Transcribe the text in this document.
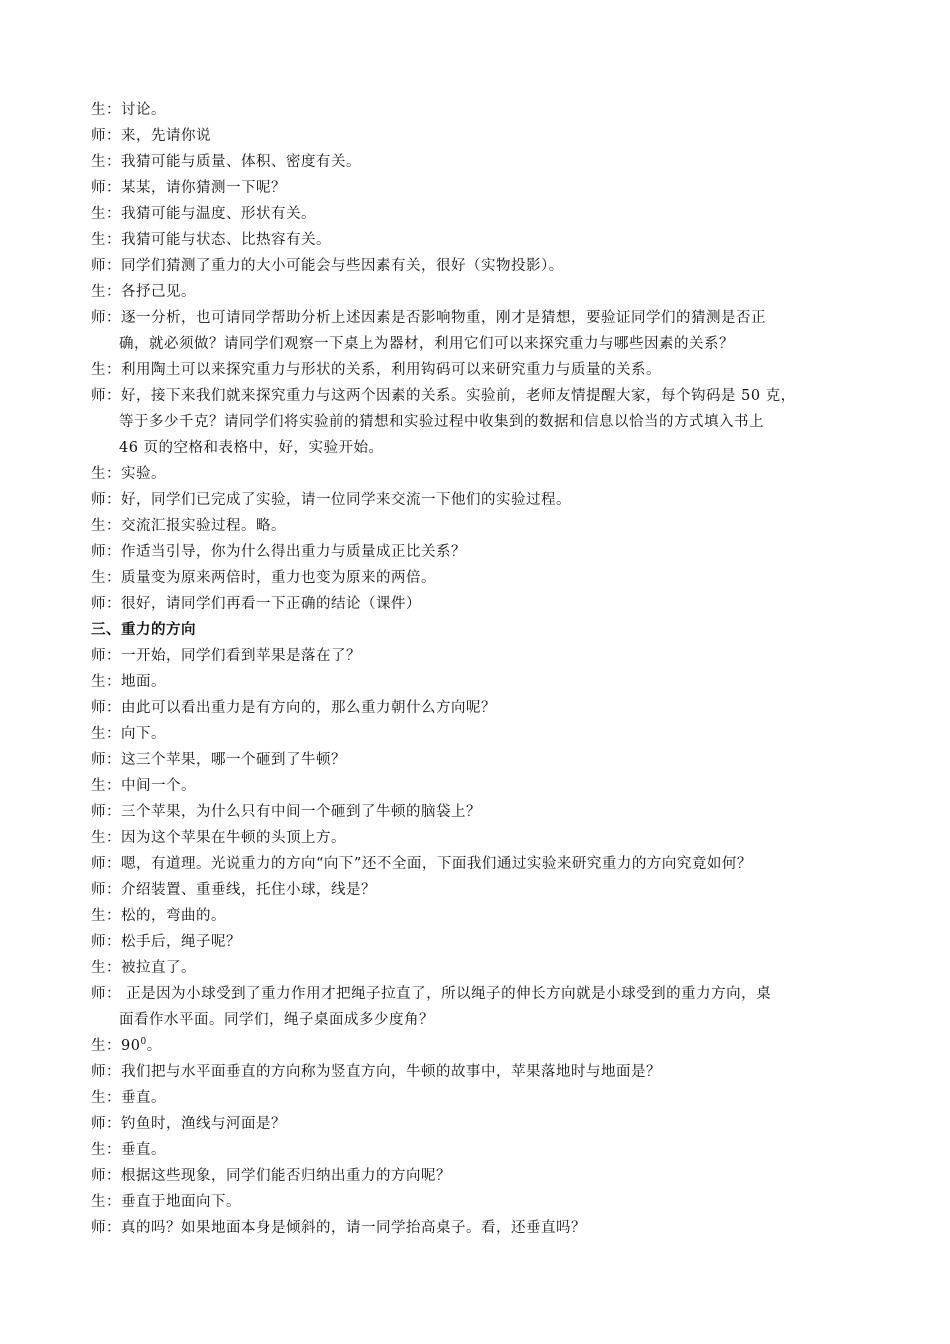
生：讨论。
师：来，先请你说
生：我猜可能与质量、体积、密度有关。
师：某某，请你猜测一下呢？
生：我猜可能与温度、形状有关。
生：我猜可能与状态、比热容有关。
师：同学们猜测了重力的大小可能会与些因素有关，很好（实物投影）。
生：各抒己见。
师：逐一分析，也可请同学帮助分析上述因素是否影响物重，刚才是猜想，要验证同学们的猜测是否正
确，就必须做？请同学们观察一下桌上为器材，利用它们可以来探究重力与哪些因素的关系？
生：利用陶土可以来探究重力与形状的关系，利用钩码可以来研究重力与质量的关系。
师：好，接下来我们就来探究重力与这两个因素的关系。实验前，老师友情提醒大家，每个钩码是 50 克，
等于多少千克？请同学们将实验前的猜想和实验过程中收集到的数据和信息以恰当的方式填入书上
46 页的空格和表格中，好，实验开始。
生：实验。
师：好，同学们已完成了实验，请一位同学来交流一下他们的实验过程。
生：交流汇报实验过程。略。
师：作适当引导，你为什么得出重力与质量成正比关系？
生：质量变为原来两倍时，重力也变为原来的两倍。
师：很好，请同学们再看一下正确的结论（课件）
三、重力的方向
师：一开始，同学们看到苹果是落在了？
生：地面。
师：由此可以看出重力是有方向的，那么重力朝什么方向呢？
生：向下。
师：这三个苹果，哪一个砸到了牛顿？
生：中间一个。
师：三个苹果，为什么只有中间一个砸到了牛顿的脑袋上？
生：因为这个苹果在牛顿的头顶上方。
师：嗯，有道理。光说重力的方向“向下”还不全面，下面我们通过实验来研究重力的方向究竟如何？
师：介绍装置、重垂线，托住小球，线是？
生：松的，弯曲的。
师：松手后，绳子呢？
生：被拉直了。
师： 正是因为小球受到了重力作用才把绳子拉直了，所以绳子的伸长方向就是小球受到的重力方向，桌
面看作水平面。同学们，绳子桌面成多少度角？
生：$90^0$。
师：我们把与水平面垂直的方向称为竖直方向，牛顿的故事中，苹果落地时与地面是？
生：垂直。
师：钓鱼时，渔线与河面是？
生：垂直。
师：根据这些现象，同学们能否归纳出重力的方向呢？
生：垂直于地面向下。
师：真的吗？如果地面本身是倾斜的，请一同学抬高桌子。看，还垂直吗？
